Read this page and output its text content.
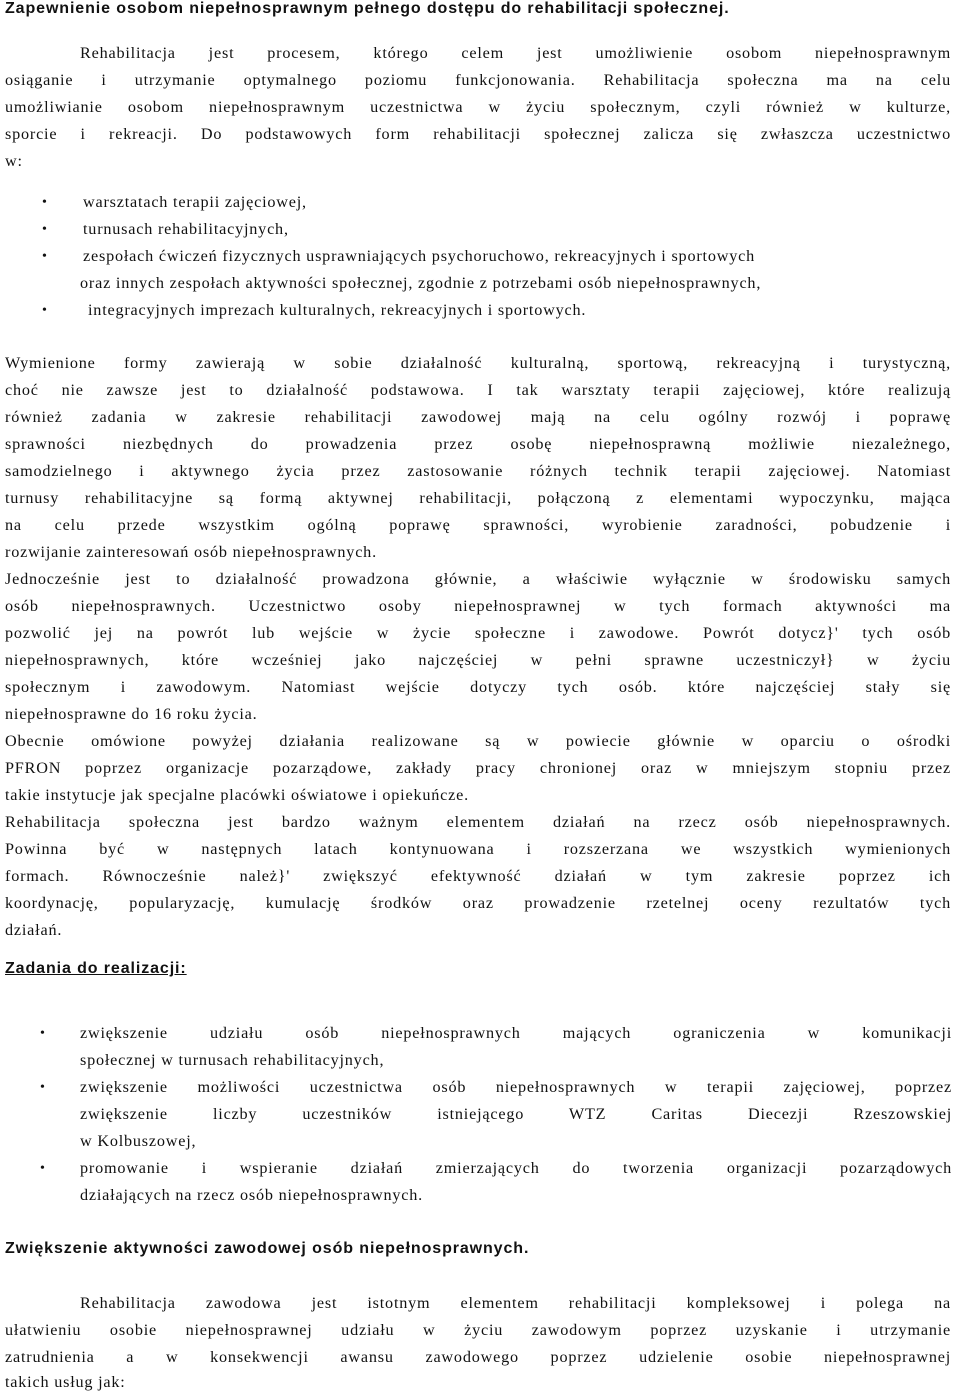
Zapewnienie osobom niepełnosprawnym pełnego dostępu do rehabilitacji społecznej.

Rehabilitacja jest procesem, którego celem jest umożliwienie osobom niepełnosprawnym

osiąganie i utrzymanie optymalnego poziomu funkcjonowania. Rehabilitacja społeczna ma na celu

umożliwianie osobom niepełnosprawnym uczestnictwa w życiu społecznym, czyli również w kulturze,

sporcie i rekreacji. Do podstawowych form rehabilitacji społecznej zalicza się zwłaszcza uczestnictwo

w:

• warsztatach terapii zajęciowej,
• turnusach rehabilitacyjnych,
• zespołach ćwiczeń fizycznych usprawniających psychoruchowo, rekreacyjnych i sportowych
oraz innych zespołach aktywności społecznej, zgodnie z potrzebami osób niepełnosprawnych,
• integracyjnych imprezach kulturalnych, rekreacyjnych i sportowych.

Wymienione formy zawierają w sobie działalność kulturalną, sportową, rekreacyjną i turystyczną,

choć nie zawsze jest to działalność podstawowa. I tak warsztaty terapii zajęciowej, które realizują

również zadania w zakresie rehabilitacji zawodowej mają na celu ogólny rozwój i poprawę

sprawności niezbędnych do prowadzenia przez osobę niepełnosprawną możliwie niezależnego,

samodzielnego i aktywnego życia przez zastosowanie różnych technik terapii zajęciowej. Natomiast

turnusy rehabilitacyjne są formą aktywnej rehabilitacji, połączoną z elementami wypoczynku, mająca

na celu przede wszystkim ogólną poprawę sprawności, wyrobienie zaradności, pobudzenie i

rozwijanie zainteresowań osób niepełnosprawnych.

Jednocześnie jest to działalność prowadzona głównie, a właściwie wyłącznie w środowisku samych

osób niepełnosprawnych. Uczestnictwo osoby niepełnosprawnej w tych formach aktywności ma

pozwolić jej na powrót lub wejście w życie społeczne i zawodowe. Powrót dotycz}' tych osób

niepełnosprawnych, które wcześniej jako najczęściej w pełni sprawne uczestniczył} w życiu

społecznym i zawodowym. Natomiast wejście dotyczy tych osób. które najczęściej stały się

niepełnosprawne do 16 roku życia.

Obecnie omówione powyżej działania realizowane są w powiecie głównie w oparciu o ośrodki

PFRON poprzez organizacje pozarządowe, zakłady pracy chronionej oraz w mniejszym stopniu przez

takie instytucje jak specjalne placówki oświatowe i opiekuńcze.

Rehabilitacja społeczna jest bardzo ważnym elementem działań na rzecz osób niepełnosprawnych.

Powinna być w następnych latach kontynuowana i rozszerzana we wszystkich wymienionych

formach. Równocześnie należ}' zwiększyć efektywność działań w tym zakresie poprzez ich

koordynację, popularyzację, kumulację środków oraz prowadzenie rzetelnej oceny rezultatów tych

działań.

Zadania do realizacji:
• zwiększenie udziału osób niepełnosprawnych mających ograniczenia w komunikacji

społecznej w turnusach rehabilitacyjnych,

• zwiększenie możliwości uczestnictwa osób niepełnosprawnych w terapii zajęciowej, poprzez

zwiększenie liczby uczestników istniejącego WTZ Caritas Diecezji Rzeszowskiej

w Kolbuszowej,

• promowanie i wspieranie działań zmierzających do tworzenia organizacji pozarządowych

działających na rzecz osób niepełnosprawnych.

Zwiększenie aktywności zawodowej osób niepełnosprawnych.

Rehabilitacja zawodowa jest istotnym elementem rehabilitacji kompleksowej i polega na

ułatwieniu osobie niepełnosprawnej udziału w życiu zawodowym poprzez uzyskanie i utrzymanie

zatrudnienia a w konsekwencji awansu zawodowego poprzez udzielenie osobie niepełnosprawnej

takich usług jak:
